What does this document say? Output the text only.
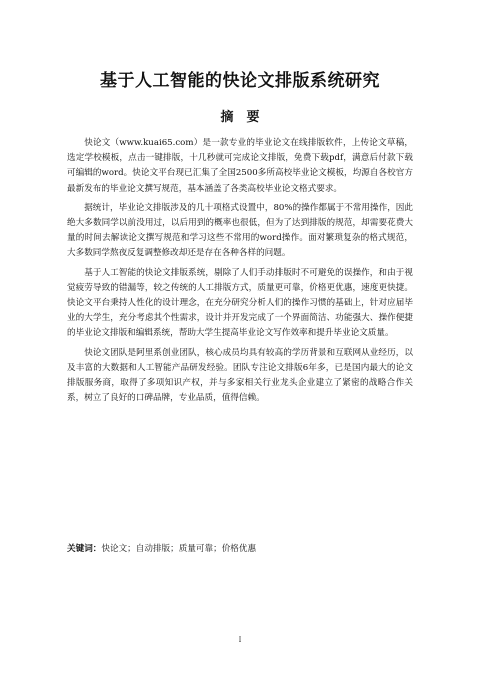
基于人工智能的快论文排版系统研究
摘　要

快论文（www.kuai65.com）是一款专业的毕业论文在线排版软件，上传论文草稿，选定学校模板，点击一键排版，十几秒就可完成论文排版，免费下载pdf，满意后付款下载可编辑的word。快论文平台现已汇集了全国2500多所高校毕业论文模板，均源自各校官方最新发布的毕业论文撰写规范，基本涵盖了各类高校毕业论文格式要求。

据统计，毕业论文排版涉及的几十项格式设置中，80%的操作都属于不常用操作，因此绝大多数同学以前没用过，以后用到的概率也很低，但为了达到排版的规范，却需要花费大量的时间去解读论文撰写规范和学习这些不常用的word操作。面对繁琐复杂的格式规范，大多数同学熬夜反复调整修改却还是存在各种各样的问题。

基于人工智能的快论文排版系统，剔除了人们手动排版时不可避免的误操作，和由于视觉疲劳导致的错漏等，较之传统的人工排版方式，质量更可靠，价格更优惠，速度更快捷。快论文平台秉持人性化的设计理念，在充分研究分析人们的操作习惯的基础上，针对应届毕业的大学生，充分考虑其个性需求，设计并开发完成了一个界面简洁、功能强大、操作便捷的毕业论文排版和编辑系统，帮助大学生提高毕业论文写作效率和提升毕业论文质量。

快论文团队是阿里系创业团队，核心成员均具有较高的学历背景和互联网从业经历，以及丰富的大数据和人工智能产品研发经验。团队专注论文排版6年多，已是国内最大的论文排版服务商，取得了多项知识产权，并与多家相关行业龙头企业建立了紧密的战略合作关系，树立了良好的口碑品牌，专业品质，值得信赖。

关键词：快论文；自动排版；质量可靠；价格优惠
I
